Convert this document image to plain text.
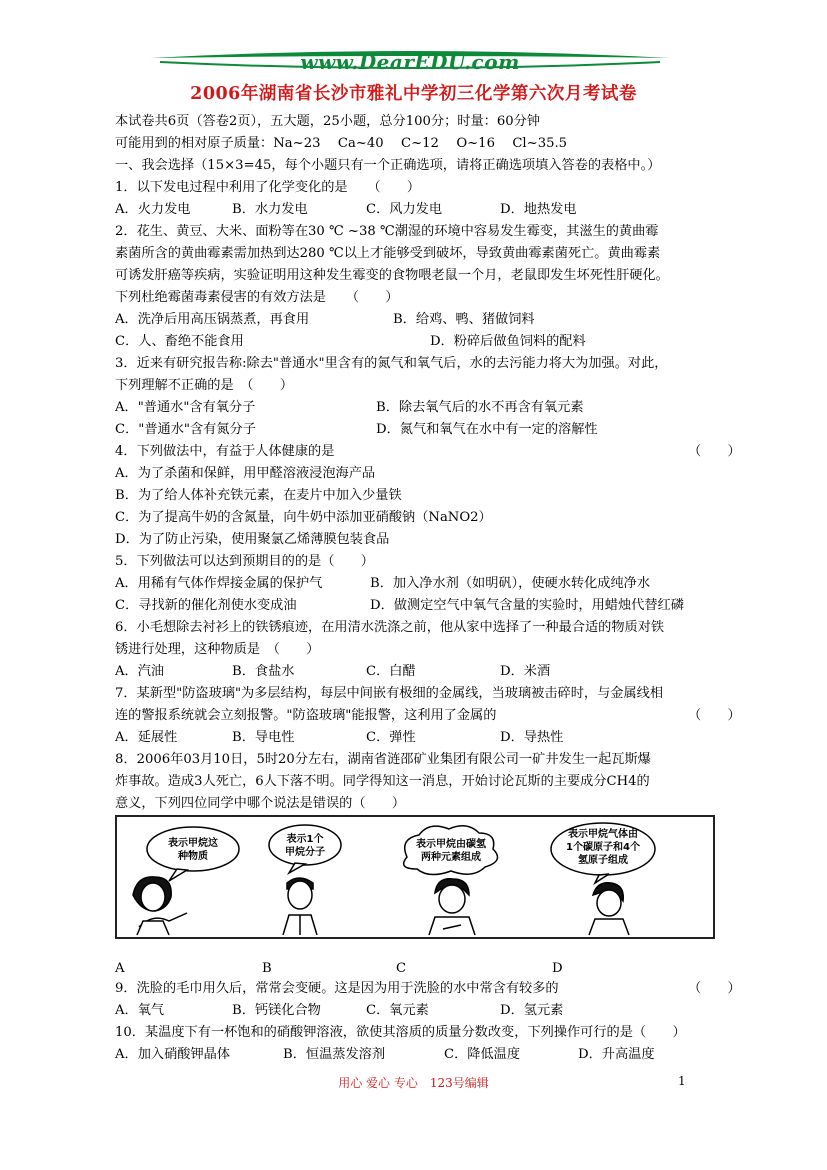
www.DearEDU.com
2006年湖南省长沙市雅礼中学初三化学第六次月考试卷
本试卷共6页（答卷2页），五大题，25小题，总分100分；时量：60分钟
可能用到的相对原子质量：Na~23　 Ca~40　 C~12　 O~16　 Cl~35.5
一、我会选择（15×3=45，每个小题只有一个正确选项，请将正确选项填入答卷的表格中。）
1．以下发电过程中利用了化学变化的是　　（　　）
A．火力发电	B．水力发电	C．风力发电	D．地热发电
2．花生、黄豆、大米、面粉等在30 ℃ ~38 ℃潮湿的环境中容易发生霉变，其滋生的黄曲霉
素菌所含的黄曲霉素需加热到达280 ℃以上才能够受到破坏，导致黄曲霉素菌死亡。黄曲霉素
可诱发肝癌等疾病，实验证明用这种发生霉变的食物喂老鼠一个月，老鼠即发生坏死性肝硬化。
下列杜绝霉菌毒素侵害的有效方法是　　（　　）
A．洗净后用高压锅蒸煮，再食用	B．给鸡、鸭、猪做饲料
C．人、畜绝不能食用	D．粉碎后做鱼饲料的配料
3．近来有研究报告称:除去"普通水"里含有的氮气和氧气后，水的去污能力将大为加强。对此，
下列理解不正确的是　（　　）
A．"普通水"含有氧分子	B．除去氧气后的水不再含有氧元素
C．"普通水"含有氮分子	D．氮气和氧气在水中有一定的溶解性
4．下列做法中，有益于人体健康的是	（　　）
A．为了杀菌和保鲜，用甲醛溶液浸泡海产品
B．为了给人体补充铁元素，在麦片中加入少量铁
C．为了提高牛奶的含氮量，向牛奶中添加亚硝酸钠（NaNO2）
D．为了防止污染，使用聚氯乙烯薄膜包装食品
5．下列做法可以达到预期目的的是（　　）
A．用稀有气体作焊接金属的保护气	B．加入净水剂（如明矾），使硬水转化成纯净水
C．寻找新的催化剂使水变成油	D．做测定空气中氧气含量的实验时，用蜡烛代替红磷
6．小毛想除去衬衫上的铁锈痕迹，在用清水洗涤之前，他从家中选择了一种最合适的物质对铁
锈进行处理，这种物质是　（　　）
A．汽油	B．食盐水	C．白醋	D．米酒
7．某新型"防盗玻璃"为多层结构，每层中间嵌有极细的金属线，当玻璃被击碎时，与金属线相
连的警报系统就会立刻报警。"防盗玻璃"能报警，这利用了金属的	（　　）
A．延展性	B．导电性	C．弹性	D．导热性
8．2006年03月10日，5时20分左右，湖南省涟邵矿业集团有限公司一矿井发生一起瓦斯爆
炸事故。造成3人死亡，6人下落不明。同学得知这一消息，开始讨论瓦斯的主要成分CH4的
意义，下列四位同学中哪个说法是错误的（　　）
表示甲烷这
种物质
表示1个
甲烷分子
表示甲烷由碳氢
两种元素组成
表示甲烷气体由
1个碳原子和4个
氢原子组成
A	B	C	D
9．洗脸的毛巾用久后，常常会变硬。这是因为用于洗脸的水中常含有较多的	（　　）
A．氧气	B．钙镁化合物	C．氧元素	D．氢元素
10．某温度下有一杯饱和的硝酸钾溶液，欲使其溶质的质量分数改变，下列操作可行的是（　　）
A．加入硝酸钾晶体	B．恒温蒸发溶剂	C．降低温度	D．升高温度
用心 爱心 专心　123号编辑	1
